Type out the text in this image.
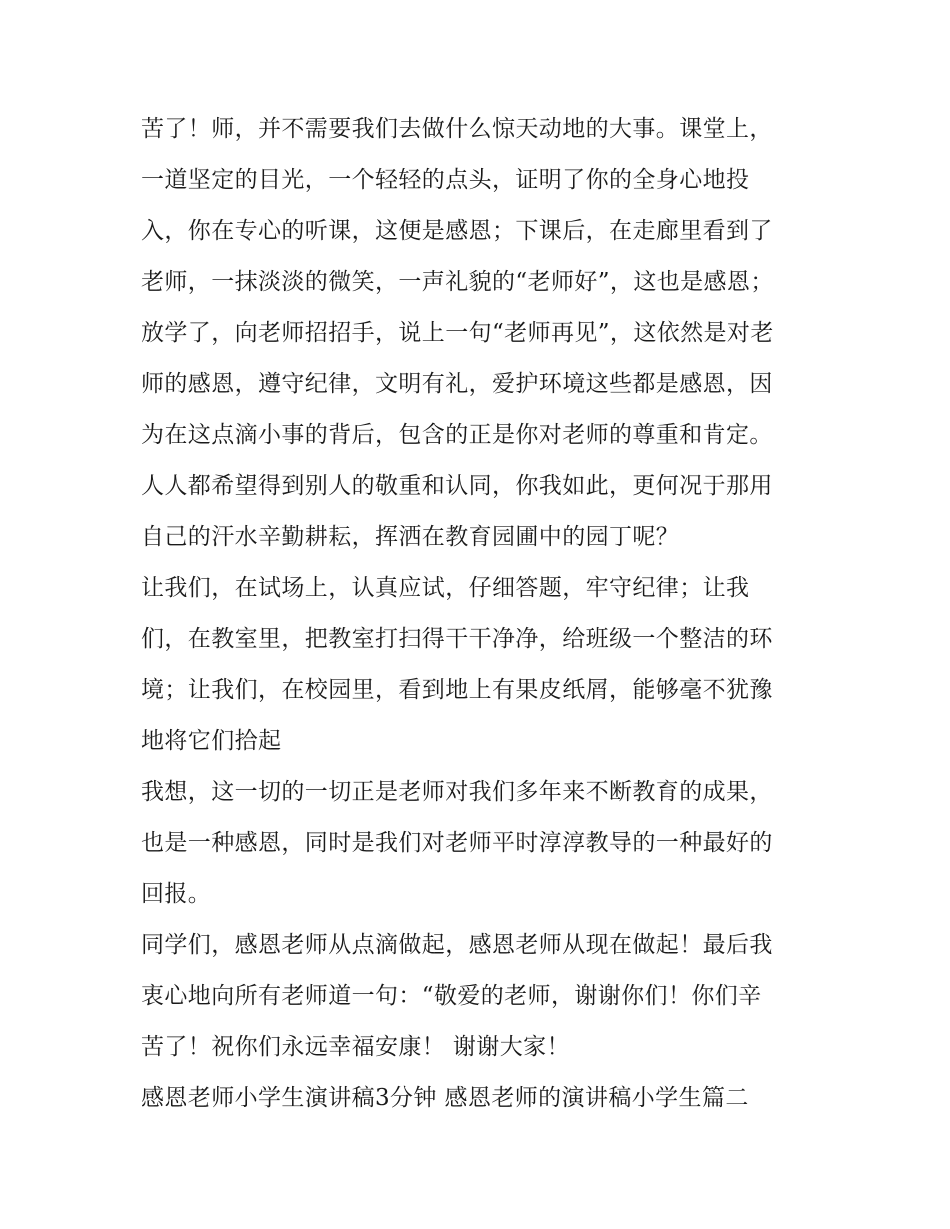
苦了！师，并不需要我们去做什么惊天动地的大事。课堂上，
一道坚定的目光，一个轻轻的点头，证明了你的全身心地投
入，你在专心的听课，这便是感恩；下课后，在走廊里看到了
老师，一抹淡淡的微笑，一声礼貌的“老师好”，这也是感恩；
放学了，向老师招招手，说上一句“老师再见”，这依然是对老
师的感恩，遵守纪律，文明有礼，爱护环境这些都是感恩，因
为在这点滴小事的背后，包含的正是你对老师的尊重和肯定。
人人都希望得到别人的敬重和认同，你我如此，更何况于那用
自己的汗水辛勤耕耘，挥洒在教育园圃中的园丁呢？
让我们，在试场上，认真应试，仔细答题，牢守纪律；让我
们，在教室里，把教室打扫得干干净净，给班级一个整洁的环
境；让我们，在校园里，看到地上有果皮纸屑，能够毫不犹豫
地将它们拾起
我想，这一切的一切正是老师对我们多年来不断教育的成果，
也是一种感恩，同时是我们对老师平时淳淳教导的一种最好的
回报。
同学们，感恩老师从点滴做起，感恩老师从现在做起！最后我
衷心地向所有老师道一句：“敬爱的老师，谢谢你们！你们辛
苦了！祝你们永远幸福安康！ 谢谢大家！
感恩老师小学生演讲稿3分钟 感恩老师的演讲稿小学生篇二
